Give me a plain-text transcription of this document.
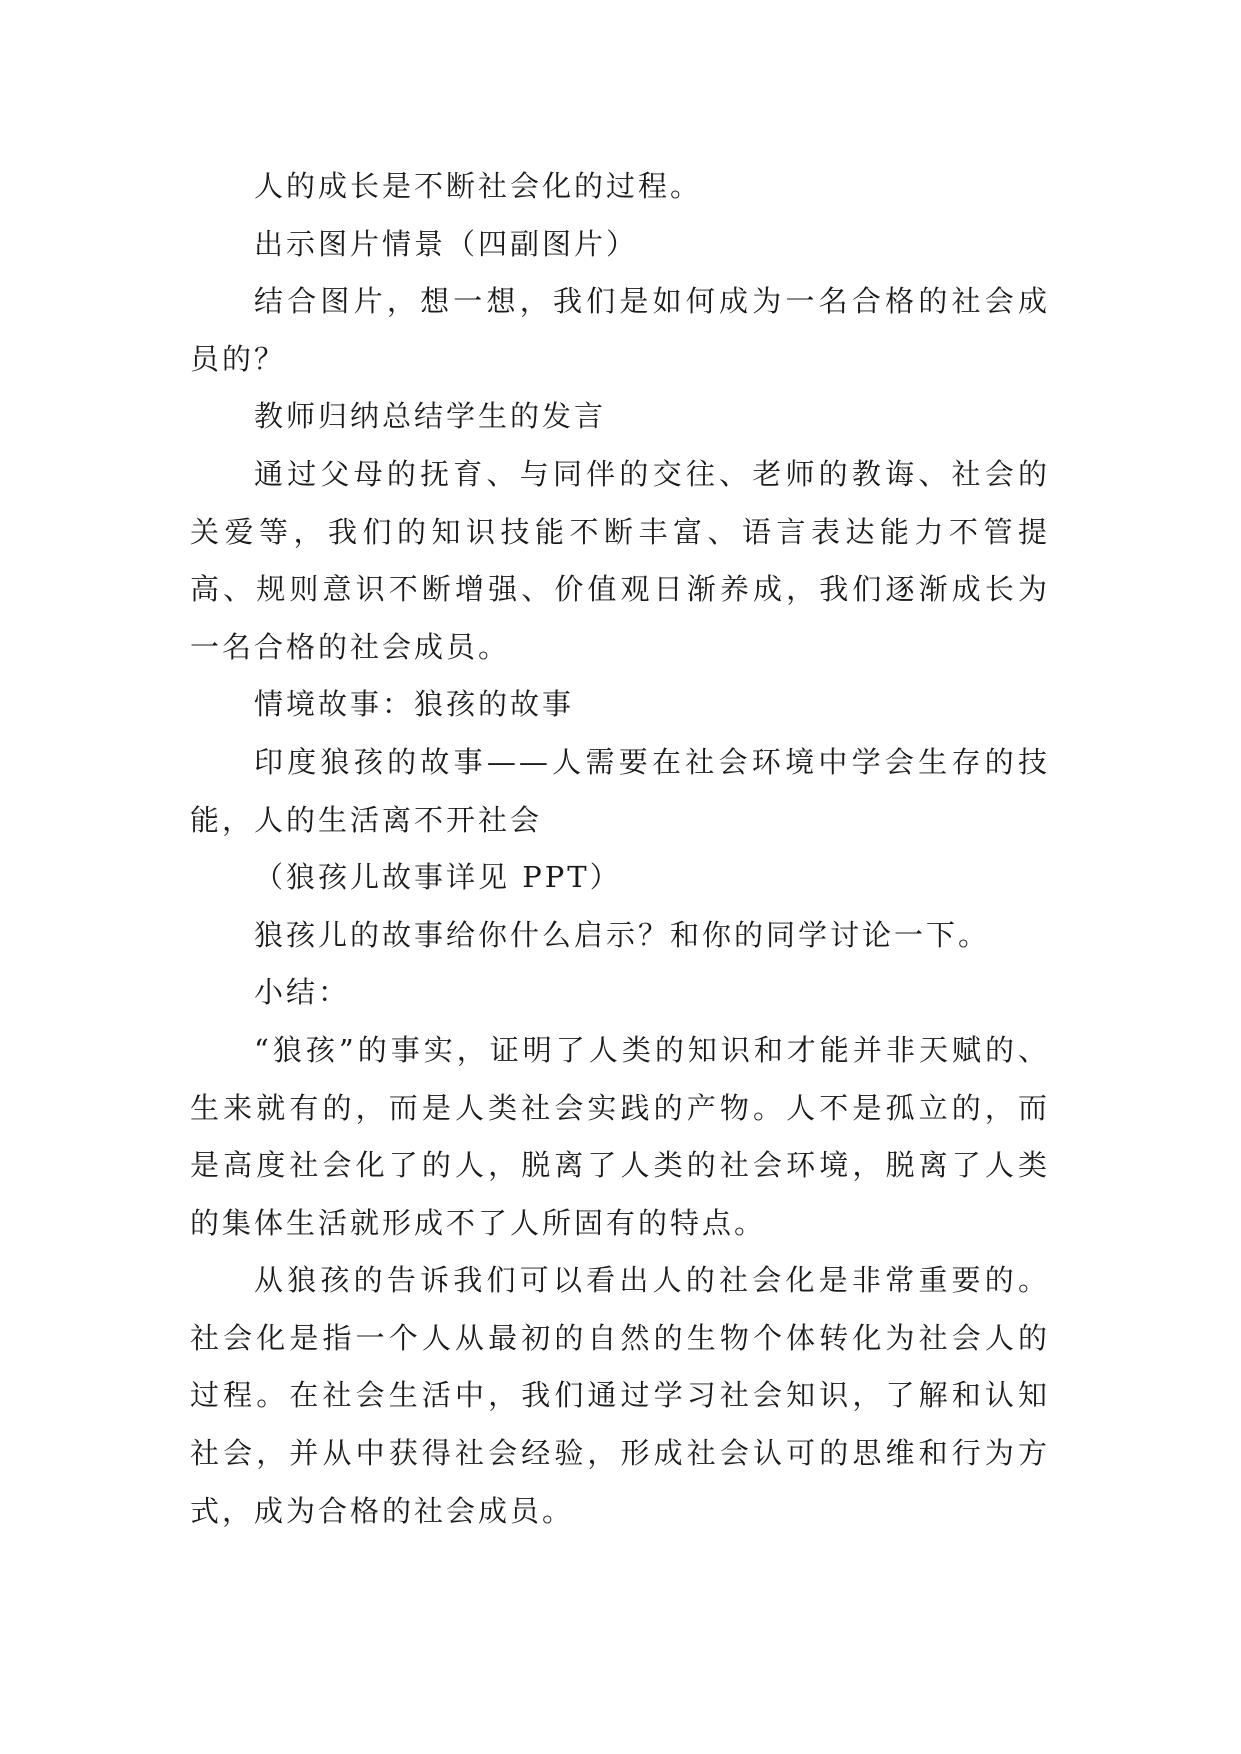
人的成长是不断社会化的过程。

出示图片情景（四副图片）

结合图片，想一想，我们是如何成为一名合格的社会成员的？

教师归纳总结学生的发言

通过父母的抚育、与同伴的交往、老师的教诲、社会的关爱等，我们的知识技能不断丰富、语言表达能力不管提高、规则意识不断增强、价值观日渐养成，我们逐渐成长为一名合格的社会成员。

情境故事：狼孩的故事

印度狼孩的故事——人需要在社会环境中学会生存的技能，人的生活离不开社会

（狼孩儿故事详见 PPT）

狼孩儿的故事给你什么启示？和你的同学讨论一下。

小结：

“狼孩”的事实，证明了人类的知识和才能并非天赋的、生来就有的，而是人类社会实践的产物。人不是孤立的，而是高度社会化了的人，脱离了人类的社会环境，脱离了人类的集体生活就形成不了人所固有的特点。

从狼孩的告诉我们可以看出人的社会化是非常重要的。社会化是指一个人从最初的自然的生物个体转化为社会人的过程。在社会生活中，我们通过学习社会知识，了解和认知社会，并从中获得社会经验，形成社会认可的思维和行为方式，成为合格的社会成员。
